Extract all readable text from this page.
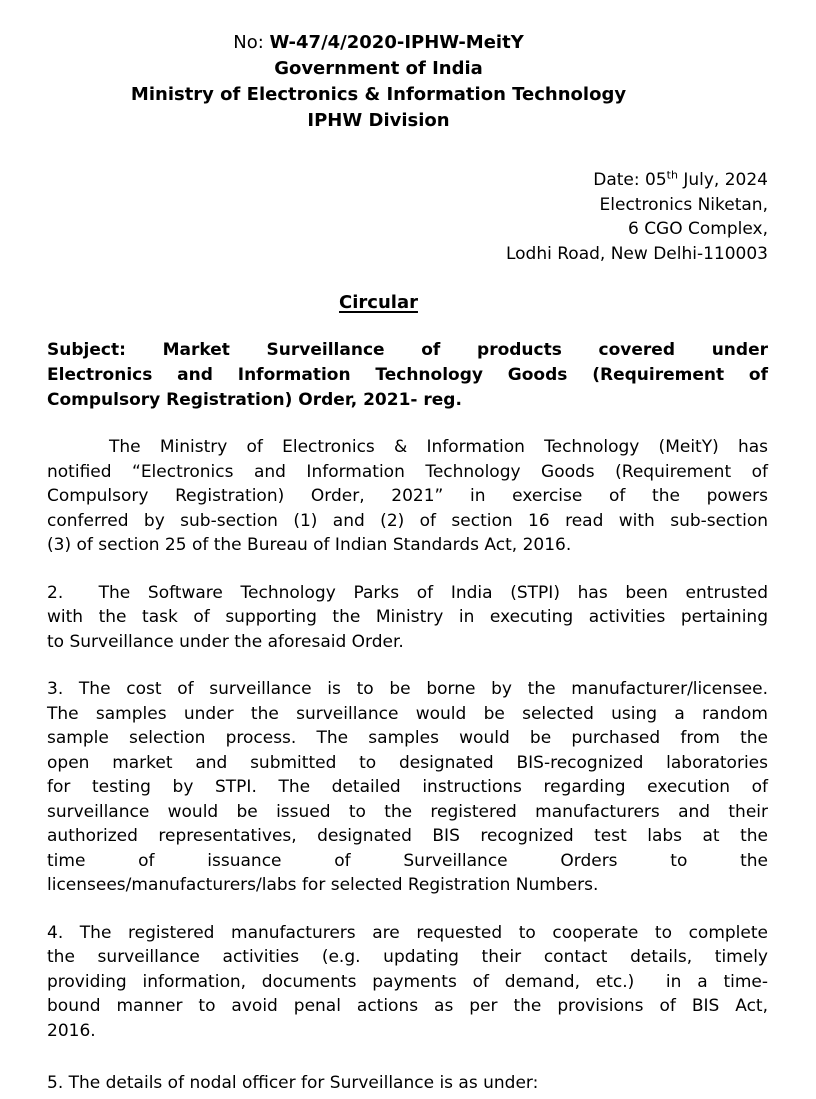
No: W-47/4/2020-IPHW-MeitY
Government of India
Ministry of Electronics & Information Technology
IPHW Division
Date: 05th July, 2024
Electronics Niketan,
6 CGO Complex,
Lodhi Road, New Delhi-110003
Circular
Subject: Market Surveillance of products covered under
Electronics and Information Technology Goods (Requirement of
Compulsory Registration) Order, 2021- reg.
The Ministry of Electronics & Information Technology (MeitY) has
notified “Electronics and Information Technology Goods (Requirement of
Compulsory Registration) Order, 2021” in exercise of the powers
conferred by sub-section (1) and (2) of section 16 read with sub-section
(3) of section 25 of the Bureau of Indian Standards Act, 2016.
2.  The Software Technology Parks of India (STPI) has been entrusted
with the task of supporting the Ministry in executing activities pertaining
to Surveillance under the aforesaid Order.
3. The cost of surveillance is to be borne by the manufacturer/licensee.
The samples under the surveillance would be selected using a random
sample selection process. The samples would be purchased from the
open market and submitted to designated BIS-recognized laboratories
for testing by STPI. The detailed instructions regarding execution of
surveillance would be issued to the registered manufacturers and their
authorized representatives, designated BIS recognized test labs at the
time of issuance of Surveillance Orders to the
licensees/manufacturers/labs for selected Registration Numbers.
4. The registered manufacturers are requested to cooperate to complete
the surveillance activities (e.g. updating their contact details, timely
providing information, documents payments of demand, etc.)  in a time-
bound manner to avoid penal actions as per the provisions of BIS Act,
2016.
5. The details of nodal officer for Surveillance is as under:
